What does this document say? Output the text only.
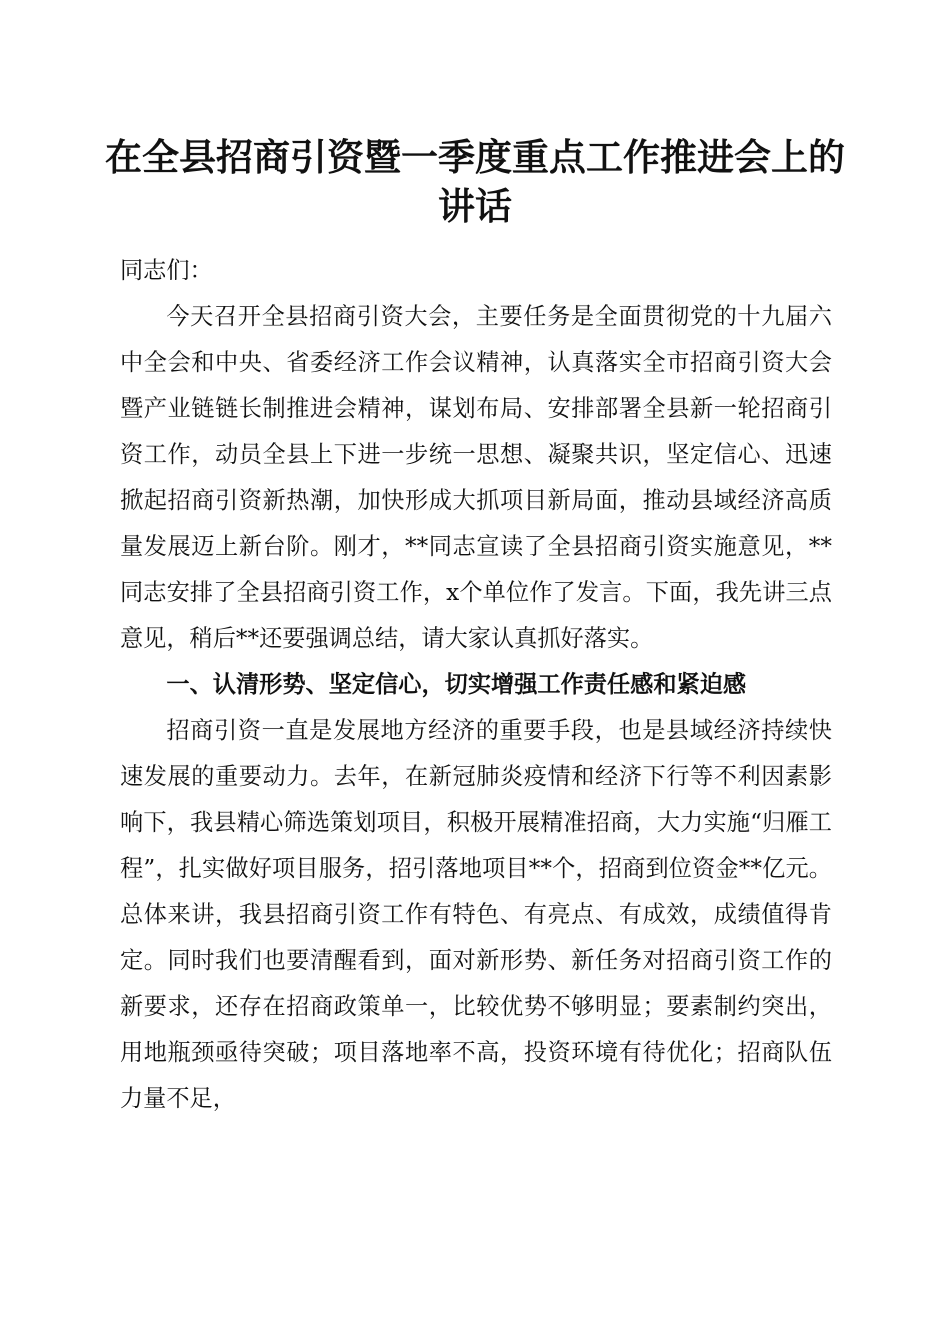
在全县招商引资暨一季度重点工作推进会上的讲话

同志们：

今天召开全县招商引资大会，主要任务是全面贯彻党的十九届六中全会和中央、省委经济工作会议精神，认真落实全市招商引资大会暨产业链链长制推进会精神，谋划布局、安排部署全县新一轮招商引资工作，动员全县上下进一步统一思想、凝聚共识，坚定信心、迅速掀起招商引资新热潮，加快形成大抓项目新局面，推动县域经济高质量发展迈上新台阶。刚才，**同志宣读了全县招商引资实施意见，**同志安排了全县招商引资工作，x个单位作了发言。下面，我先讲三点意见，稍后**还要强调总结，请大家认真抓好落实。

一、认清形势、坚定信心，切实增强工作责任感和紧迫感

招商引资一直是发展地方经济的重要手段，也是县域经济持续快速发展的重要动力。去年，在新冠肺炎疫情和经济下行等不利因素影响下，我县精心筛选策划项目，积极开展精准招商，大力实施“归雁工程”，扎实做好项目服务，招引落地项目**个，招商到位资金**亿元。总体来讲，我县招商引资工作有特色、有亮点、有成效，成绩值得肯定。同时我们也要清醒看到，面对新形势、新任务对招商引资工作的新要求，还存在招商政策单一，比较优势不够明显；要素制约突出，用地瓶颈亟待突破；项目落地率不高，投资环境有待优化；招商队伍力量不足，
